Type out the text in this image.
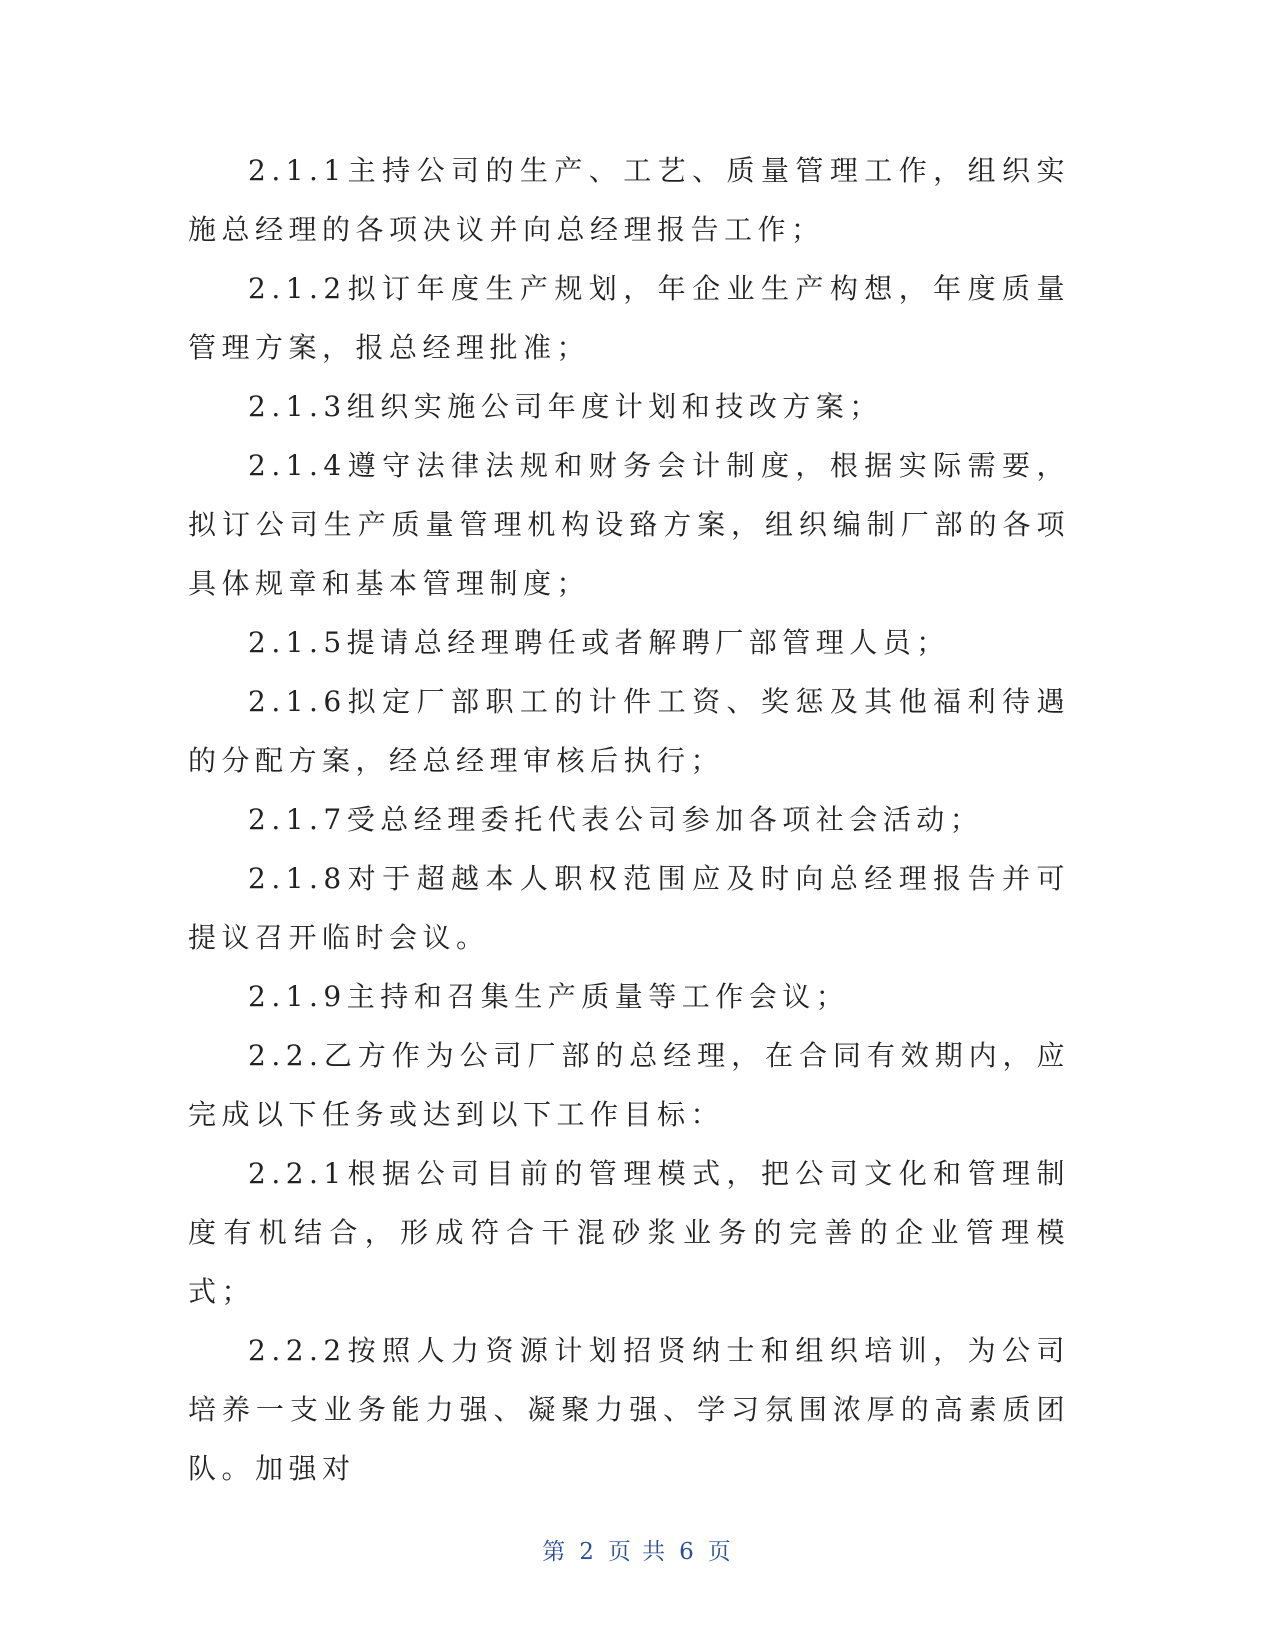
2.1.1主持公司的生产、工艺、质量管理工作，组织实施总经理的各项决议并向总经理报告工作；

2.1.2拟订年度生产规划，年企业生产构想，年度质量管理方案，报总经理批准；

2.1.3组织实施公司年度计划和技改方案；

2.1.4遵守法律法规和财务会计制度，根据实际需要，拟订公司生产质量管理机构设臵方案，组织编制厂部的各项具体规章和基本管理制度；

2.1.5提请总经理聘任或者解聘厂部管理人员；

2.1.6拟定厂部职工的计件工资、奖惩及其他福利待遇的分配方案，经总经理审核后执行；

2.1.7受总经理委托代表公司参加各项社会活动；

2.1.8对于超越本人职权范围应及时向总经理报告并可提议召开临时会议。

2.1.9主持和召集生产质量等工作会议；

2.2.乙方作为公司厂部的总经理，在合同有效期内，应完成以下任务或达到以下工作目标：

2.2.1根据公司目前的管理模式，把公司文化和管理制度有机结合，形成符合干混砂浆业务的完善的企业管理模式；

2.2.2按照人力资源计划招贤纳士和组织培训，为公司培养一支业务能力强、凝聚力强、学习氛围浓厚的高素质团队。加强对

第 2 页 共 6 页
